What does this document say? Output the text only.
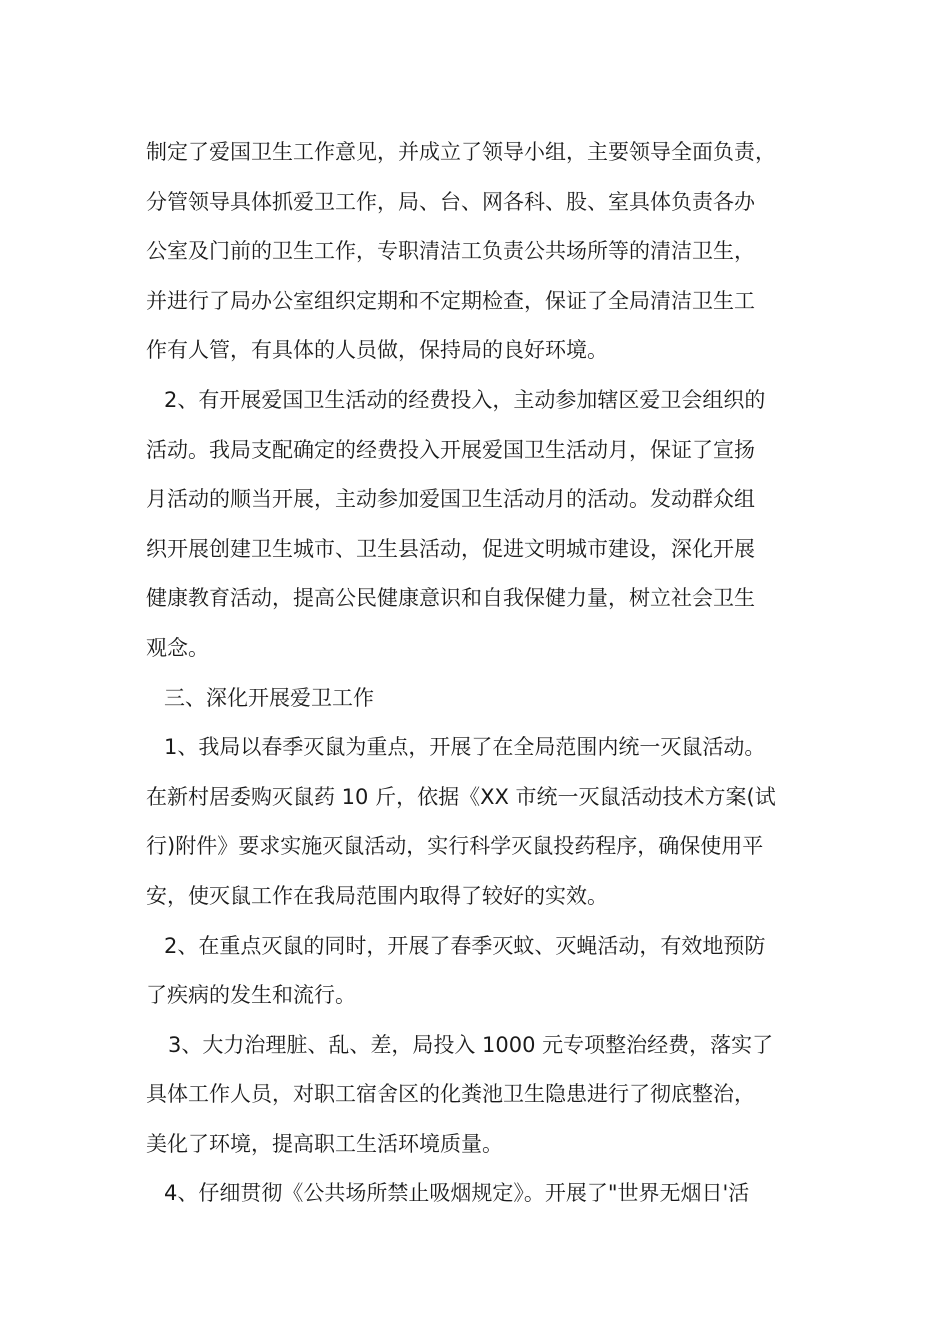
制定了爱国卫生工作意见，并成立了领导小组，主要领导全面负责，
分管领导具体抓爱卫工作，局、台、网各科、股、室具体负责各办
公室及门前的卫生工作，专职清洁工负责公共场所等的清洁卫生，
并进行了局办公室组织定期和不定期检查，保证了全局清洁卫生工
作有人管，有具体的人员做，保持局的良好环境。
2、有开展爱国卫生活动的经费投入，主动参加辖区爱卫会组织的
活动。我局支配确定的经费投入开展爱国卫生活动月，保证了宣扬
月活动的顺当开展，主动参加爱国卫生活动月的活动。发动群众组
织开展创建卫生城市、卫生县活动，促进文明城市建设，深化开展
健康教育活动，提高公民健康意识和自我保健力量，树立社会卫生
观念。
三、深化开展爱卫工作
1、我局以春季灭鼠为重点，开展了在全局范围内统一灭鼠活动。
在新村居委购灭鼠药 10 斤，依据《XX 市统一灭鼠活动技术方案(试
行)附件》要求实施灭鼠活动，实行科学灭鼠投药程序，确保使用平
安，使灭鼠工作在我局范围内取得了较好的实效。
2、在重点灭鼠的同时，开展了春季灭蚊、灭蝇活动，有效地预防
了疾病的发生和流行。
3、大力治理脏、乱、差，局投入 1000 元专项整治经费，落实了
具体工作人员，对职工宿舍区的化粪池卫生隐患进行了彻底整治，
美化了环境，提高职工生活环境质量。
4、仔细贯彻《公共场所禁止吸烟规定》。开展了"世界无烟日'活
